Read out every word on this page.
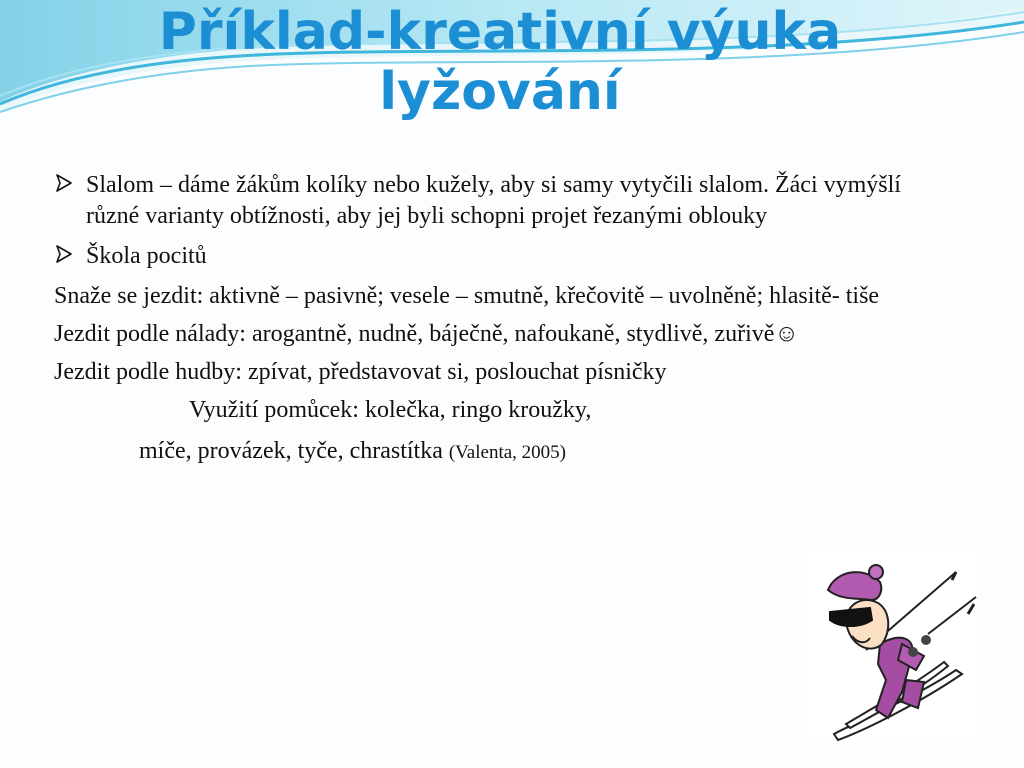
Příklad-kreativní výuka
lyžování
Slalom – dáme žákům kolíky nebo kužely, aby si samy vytyčili slalom. Žáci vymýšlí různé varianty obtížnosti, aby jej byli schopni projet řezanými oblouky
Škola pocitů
Snaže se jezdit: aktivně – pasivně; vesele – smutně, křečovitě – uvolněně; hlasitě- tiše
Jezdit podle nálady: arogantně, nudně, báječně, nafoukaně, stydlivě, zuřivě☺
Jezdit podle hudby: zpívat, představovat si, poslouchat písničky
Využití pomůcek: kolečka, ringo kroužky,
míče, provázek, tyče, chrastítka (Valenta, 2005)
